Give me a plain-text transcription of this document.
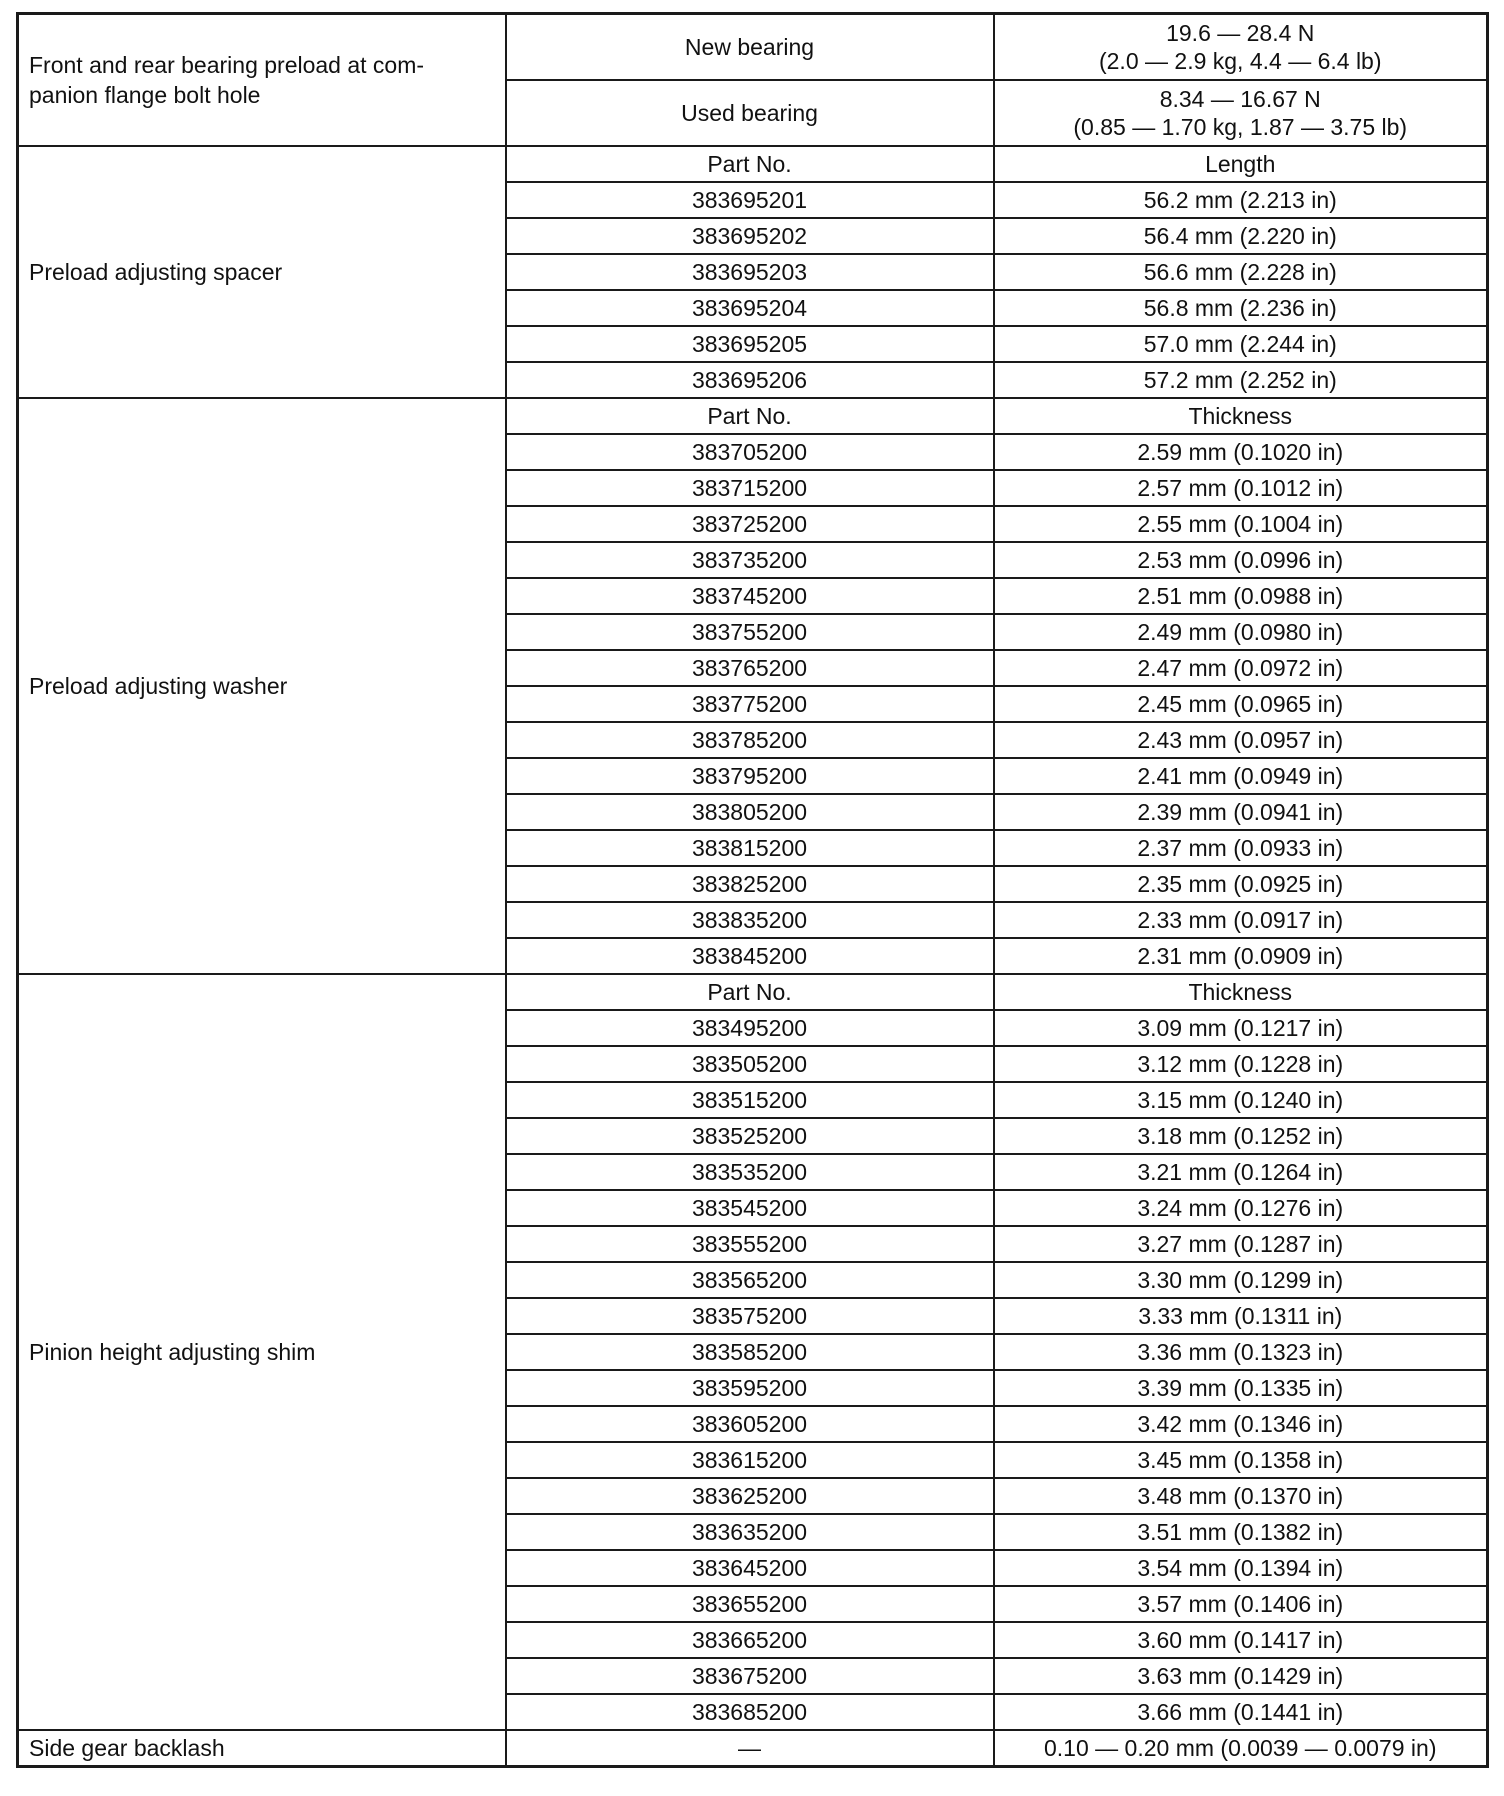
Front and rear bearing preload at com-
panion flange bolt hole	New bearing	19.6 — 28.4 N
(2.0 — 2.9 kg, 4.4 — 6.4 lb)

	Used bearing	8.34 — 16.67 N
(0.85 — 1.70 kg, 1.87 — 3.75 lb)

Preload adjusting spacer	Part No.	Length
	383695201	56.2 mm (2.213 in)
	383695202	56.4 mm (2.220 in)
	383695203	56.6 mm (2.228 in)
	383695204	56.8 mm (2.236 in)
	383695205	57.0 mm (2.244 in)
	383695206	57.2 mm (2.252 in)
Preload adjusting washer	Part No.	Thickness
	383705200	2.59 mm (0.1020 in)
	383715200	2.57 mm (0.1012 in)
	383725200	2.55 mm (0.1004 in)
	383735200	2.53 mm (0.0996 in)
	383745200	2.51 mm (0.0988 in)
	383755200	2.49 mm (0.0980 in)
	383765200	2.47 mm (0.0972 in)
	383775200	2.45 mm (0.0965 in)
	383785200	2.43 mm (0.0957 in)
	383795200	2.41 mm (0.0949 in)
	383805200	2.39 mm (0.0941 in)
	383815200	2.37 mm (0.0933 in)
	383825200	2.35 mm (0.0925 in)
	383835200	2.33 mm (0.0917 in)
	383845200	2.31 mm (0.0909 in)
Pinion height adjusting shim	Part No.	Thickness
	383495200	3.09 mm (0.1217 in)
	383505200	3.12 mm (0.1228 in)
	383515200	3.15 mm (0.1240 in)
	383525200	3.18 mm (0.1252 in)
	383535200	3.21 mm (0.1264 in)
	383545200	3.24 mm (0.1276 in)
	383555200	3.27 mm (0.1287 in)
	383565200	3.30 mm (0.1299 in)
	383575200	3.33 mm (0.1311 in)
	383585200	3.36 mm (0.1323 in)
	383595200	3.39 mm (0.1335 in)
	383605200	3.42 mm (0.1346 in)
	383615200	3.45 mm (0.1358 in)
	383625200	3.48 mm (0.1370 in)
	383635200	3.51 mm (0.1382 in)
	383645200	3.54 mm (0.1394 in)
	383655200	3.57 mm (0.1406 in)
	383665200	3.60 mm (0.1417 in)
	383675200	3.63 mm (0.1429 in)
	383685200	3.66 mm (0.1441 in)
Side gear backlash	—	0.10 — 0.20 mm (0.0039 — 0.0079 in)
